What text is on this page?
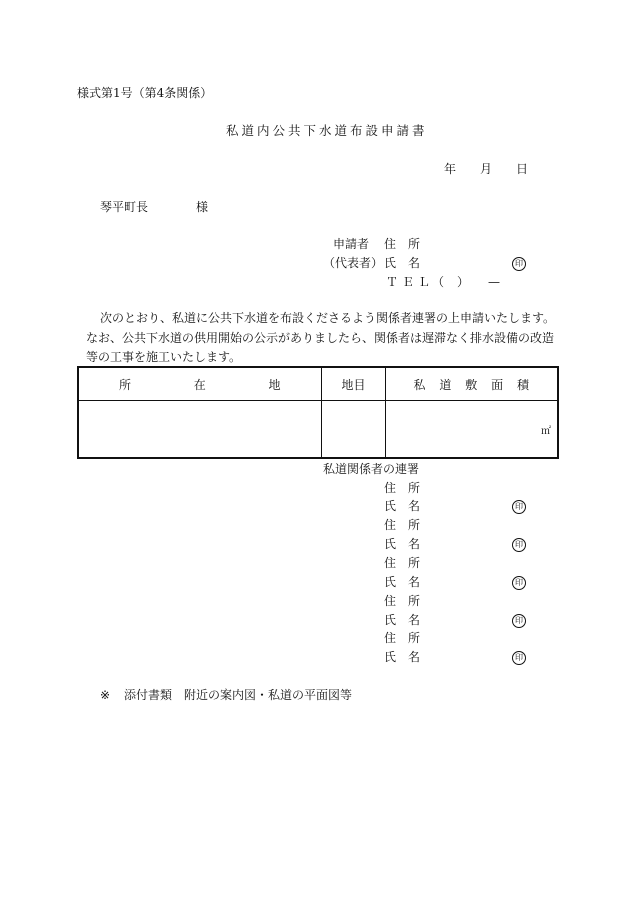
様式第1号（第4条関係）
私道内公共下水道布設申請書
年 月 日
琴平町長	様
申請者 住　所
（代表者） 氏　名	印
ＴＥＬ
（ ） —
次のとおり、私道に公共下水道を布設くださるよう関係者連署の上申請いたします。
なお、公共下水道の供用開始の公示がありましたら、関係者は遅滞なく排水設備の改造
等の工事を施工いたします。
所 在 地	地 目	私 道 敷 面 積

		㎡
私道関係者の連署
住　所
氏　名	印
住　所
氏　名	印
住　所
氏　名	印
住　所
氏　名	印
住　所
氏　名	印
※ 添付書類 附近の案内図・私道の平面図等
